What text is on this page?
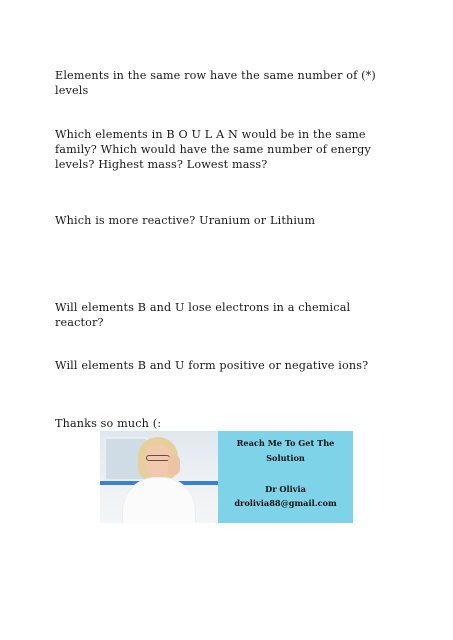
Elements in the same row have the same number of (*) levels

Which elements in B O U L A N would be in the same family? Which would have the same number of energy levels? Highest mass? Lowest mass?

Which is more reactive? Uranium or Lithium

Will elements B and U lose electrons in a chemical reactor?

Will elements B and U form positive or negative ions?

Thanks so much (:

Reach Me To Get The
Solution
Dr Olivia
drolivia88@gmail.com
